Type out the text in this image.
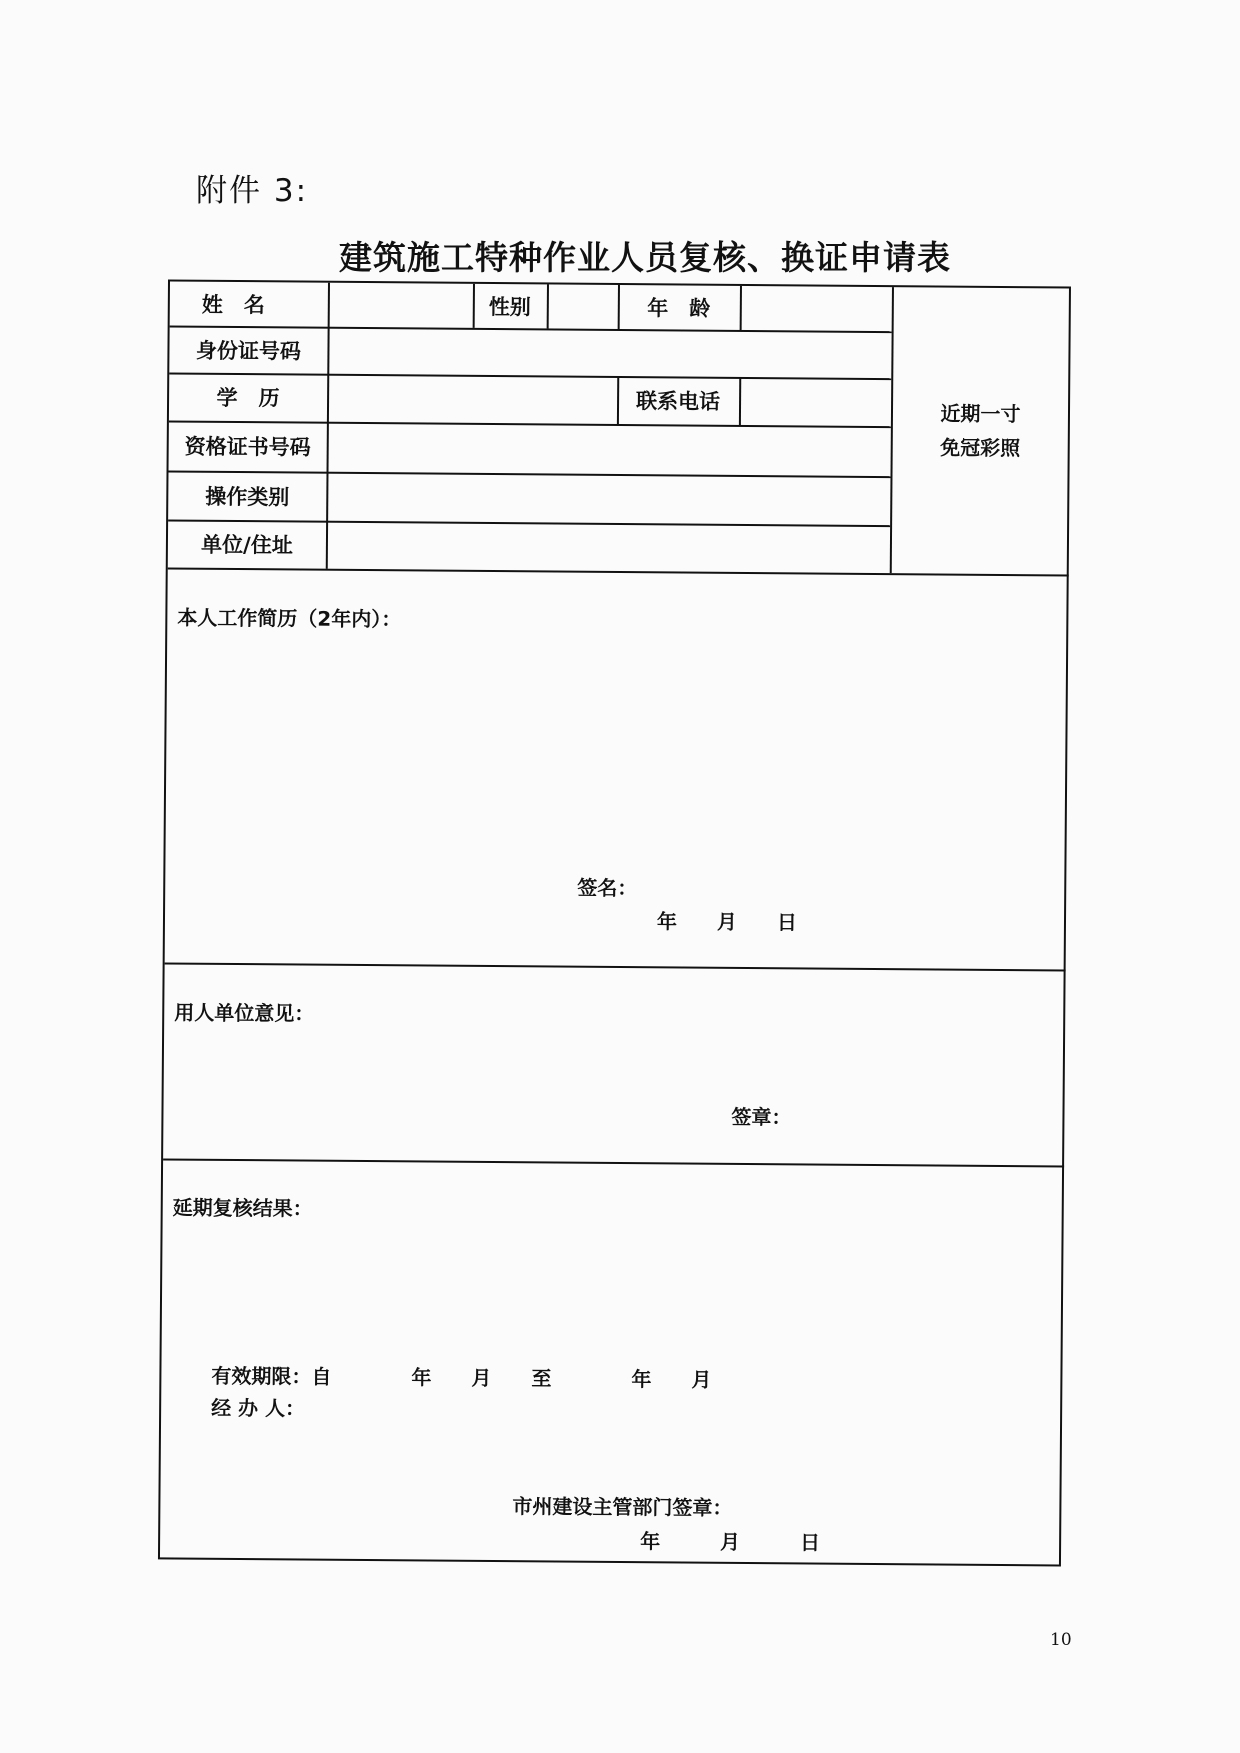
附件 3:
建筑施工特种作业人员复核、换证申请表
姓　名	性别	年　龄
身份证号码
学　历	联系电话
资格证书号码
操作类别
单位/住址
近期一寸
免冠彩照
本人工作简历（2年内）：
签名：
年　　月　　日
用人单位意见：
签章：
延期复核结果：
有效期限：自　　　　年　　月　　至　　　　年　　月
经 办 人：
市州建设主管部门签章：
年　　　月　　　日
10
